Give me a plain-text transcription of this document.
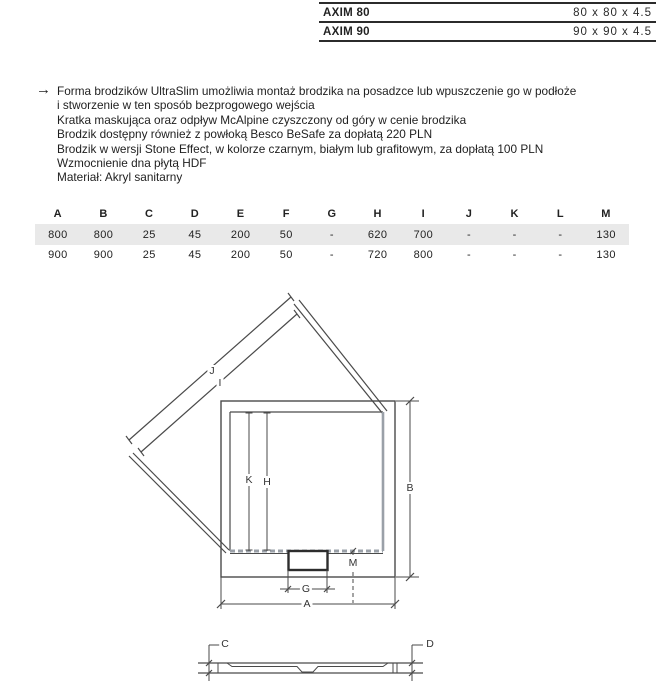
AXIM 80	80 x 80 x 4.5
AXIM 90	90 x 90 x 4.5
→ Forma brodzików UltraSlim umożliwia montaż brodzika na posadzce lub wpuszczenie go w podłoże
i stworzenie w ten sposób bezprogowego wejścia
Kratka maskująca oraz odpływ McAlpine czyszczony od góry w cenie brodzika
Brodzik dostępny również z powłoką Besco BeSafe za dopłatą 220 PLN
Brodzik w wersji Stone Effect, w kolorze czarnym, białym lub grafitowym, za dopłatą 100 PLN
Wzmocnienie dna płytą HDF
Materiał: Akryl sanitarny
A	B	C	D	E	F	G	H	I	J	K	L	M
800	800	25	45	200	50	-	620	700	-	-	-	130
900	900	25	45	200	50	-	720	800	-	-	-	130
J
I
K H	B
M
G
A
C	D
